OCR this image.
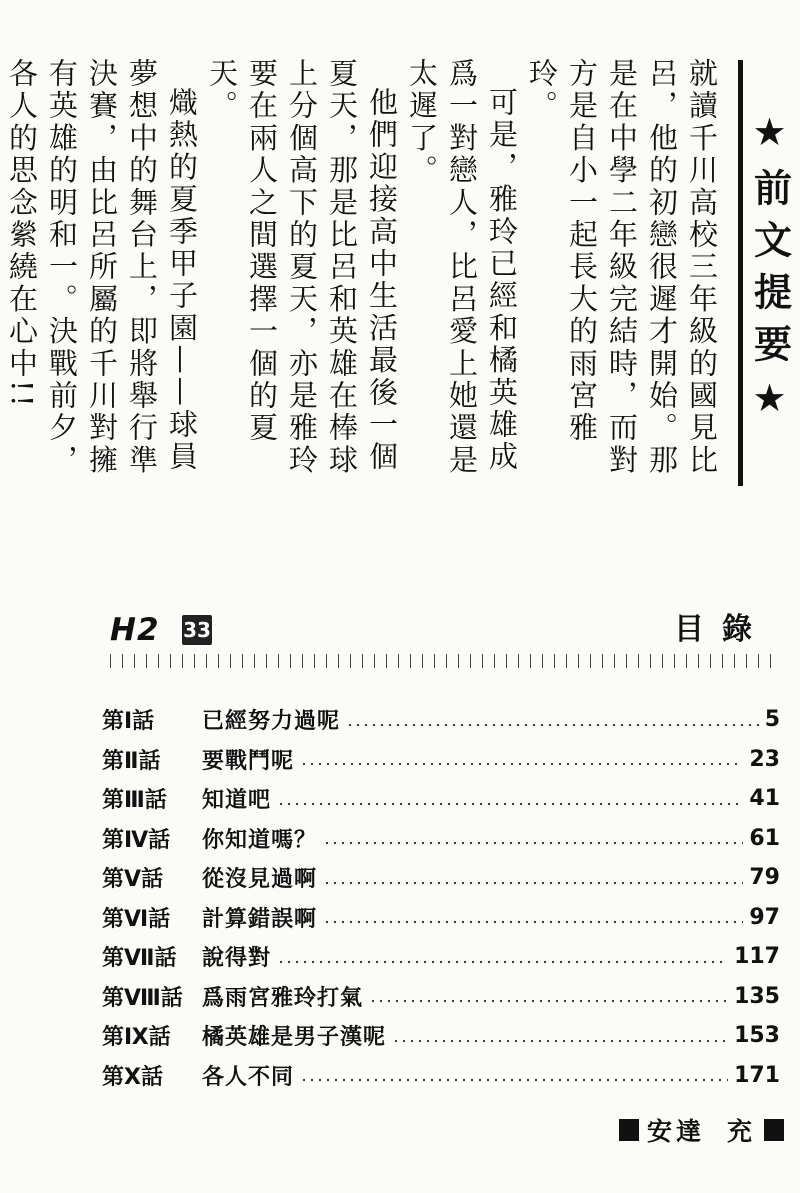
★前文提要★

就讀千川高校三年級的國見比呂，他的初戀很遲才開始。那是在中學二年級完結時，而對方是自小一起長大的雨宮雅玲。

可是，雅玲已經和橘英雄成爲一對戀人，比呂愛上她還是太遲了。

他們迎接高中生活最後一個夏天，那是比呂和英雄在棒球上分個高下的夏天，亦是雅玲要在兩人之間選擇一個的夏天。

熾熱的夏季甲子園——球員夢想中的舞台上，即將舉行準決賽，由比呂所屬的千川對擁有英雄的明和一。決戰前夕，各人的思念縈繞在心中!!

H2 33	目錄
第Ⅰ話	已經努力過呢	5
第Ⅱ話	要戰鬥呢	23
第Ⅲ話	知道吧	41
第Ⅳ話	你知道嗎？	61
第Ⅴ話	從沒見過啊	79
第Ⅵ話	計算錯誤啊	97
第Ⅶ話	說得對	117
第Ⅷ話 爲雨宮雅玲打氣	135
第Ⅸ話	橘英雄是男子漢呢	153
第Ⅹ話	各人不同	171
安達 充
